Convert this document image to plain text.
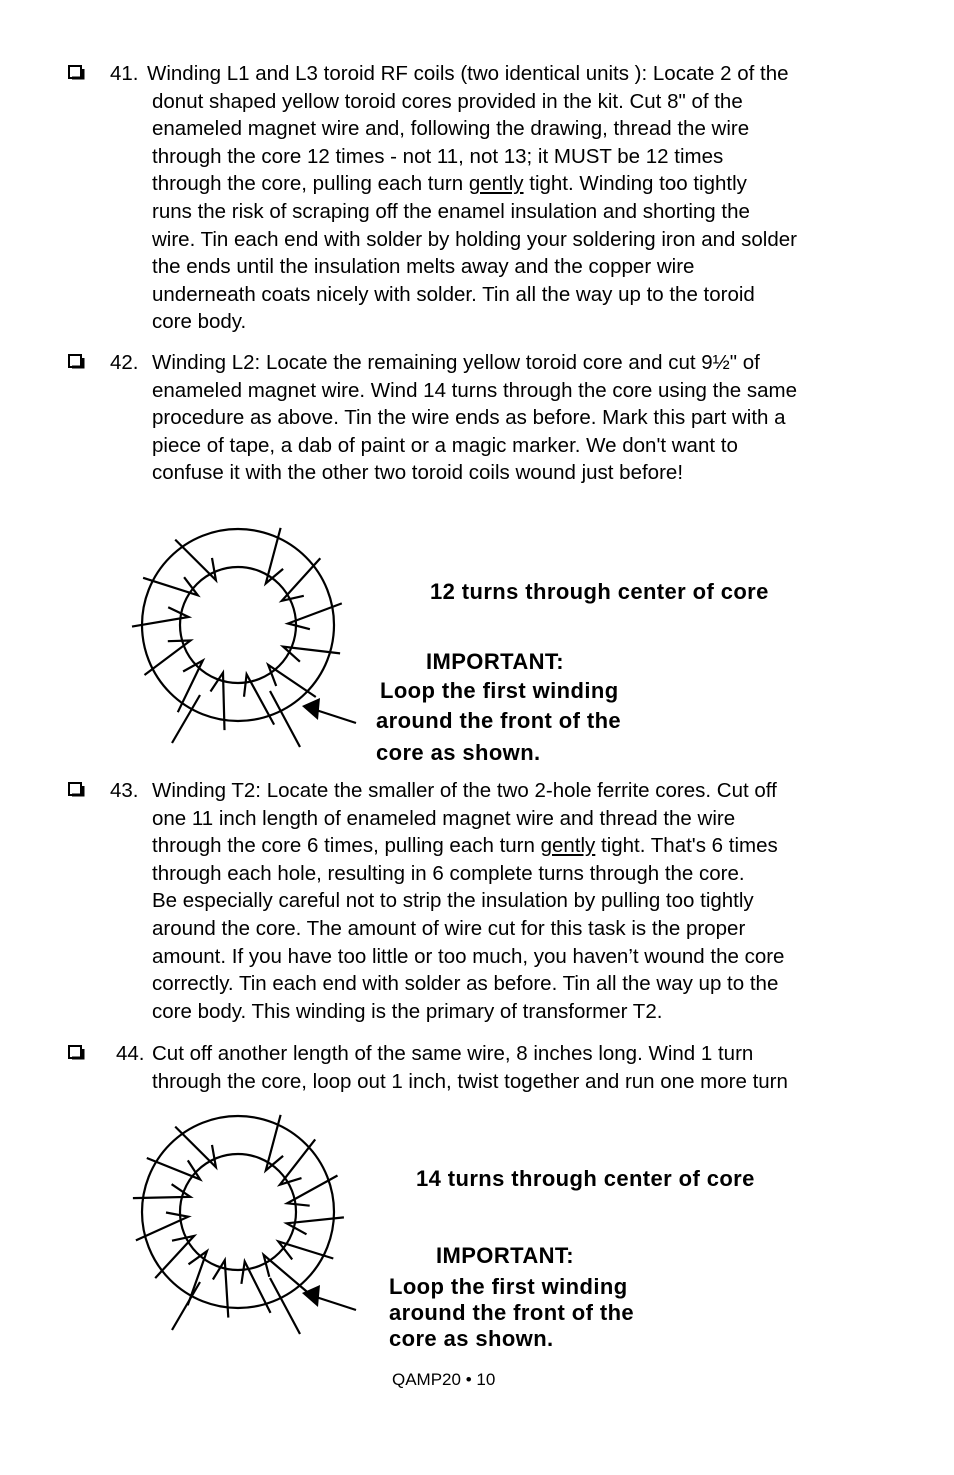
41. Winding L1 and L3 toroid RF coils (two identical units ): Locate 2 of the
donut shaped yellow toroid cores provided in the kit. Cut 8" of the
enameled magnet wire and, following the drawing, thread the wire
through the core 12 times - not 11, not 13; it MUST be 12 times
through the core, pulling each turn gently tight. Winding too tightly
runs the risk of scraping off the enamel insulation and shorting the
wire. Tin each end with solder by holding your soldering iron and solder
the ends until the insulation melts away and the copper wire
underneath coats nicely with solder. Tin all the way up to the toroid
core body.
42. Winding L2: Locate the remaining yellow toroid core and cut 9½" of
enameled magnet wire. Wind 14 turns through the core using the same
procedure as above. Tin the wire ends as before. Mark this part with a
piece of tape, a dab of paint or a magic marker. We don't want to
confuse it with the other two toroid coils wound just before!
12 turns through center of core
IMPORTANT:
Loop the first winding
around the front of the
core as shown.
43. Winding T2: Locate the smaller of the two 2-hole ferrite cores. Cut off
one 11 inch length of enameled magnet wire and thread the wire
through the core 6 times, pulling each turn gently tight. That's 6 times
through each hole, resulting in 6 complete turns through the core.
Be especially careful not to strip the insulation by pulling too tightly
around the core. The amount of wire cut for this task is the proper
amount. If you have too little or too much, you haven’t wound the core
correctly. Tin each end with solder as before. Tin all the way up to the
core body. This winding is the primary of transformer T2.
44. Cut off another length of the same wire, 8 inches long. Wind 1 turn
through the core, loop out 1 inch, twist together and run one more turn
14 turns through center of core
IMPORTANT:
Loop the first winding
around the front of the
core as shown.
QAMP20 • 10
